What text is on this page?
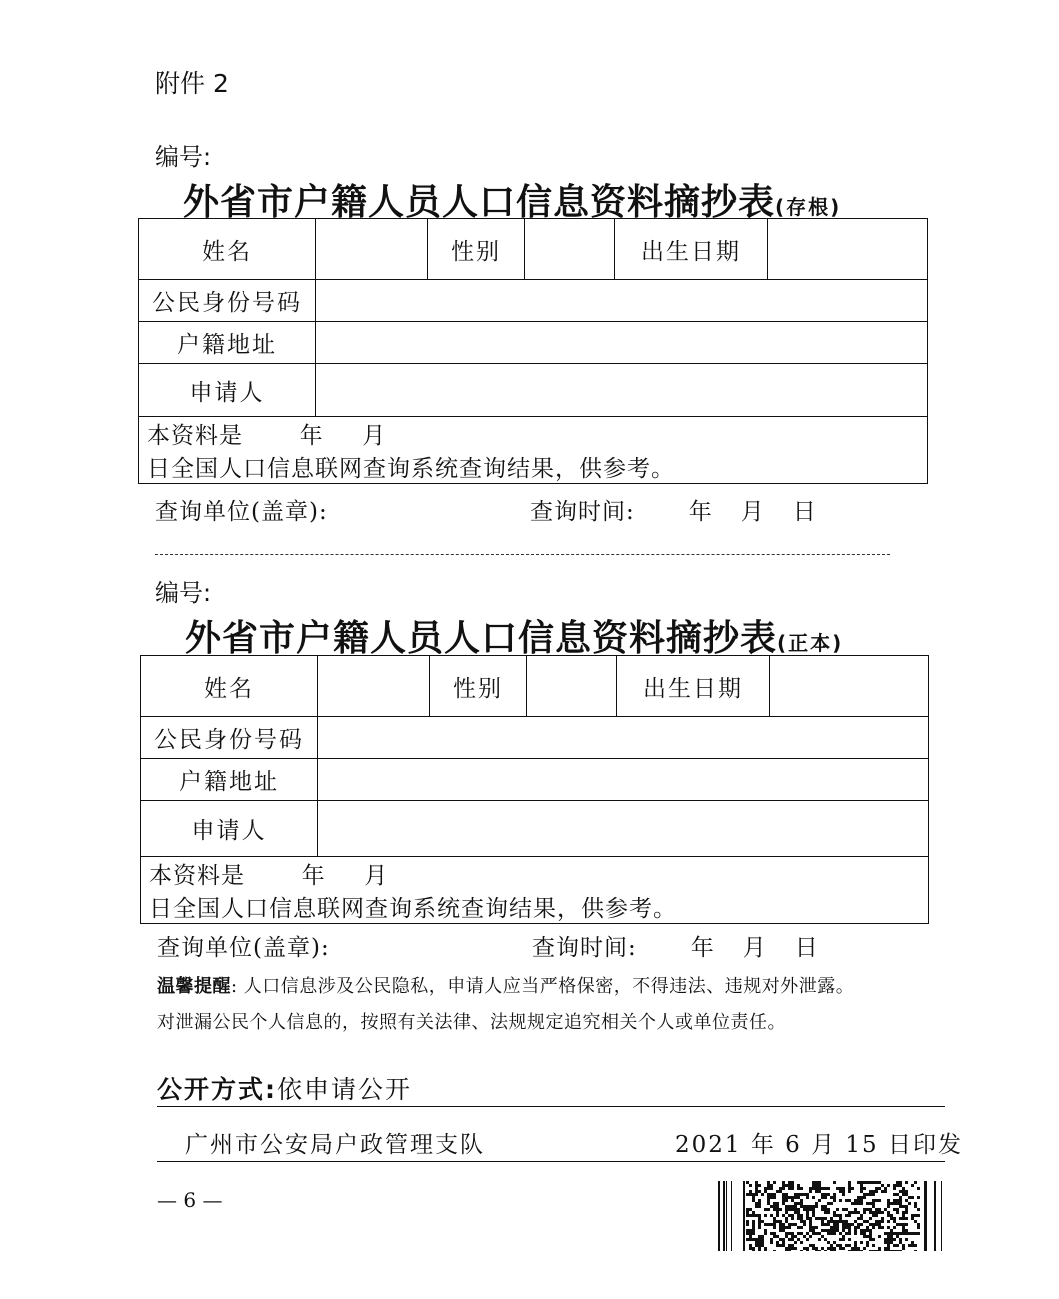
附件 2
编号:
外省市户籍人员人口信息资料摘抄表(存根)
姓名		性别		出生日期	
公民身份号码					
户籍地址					
申请人					
本资料是 年 月  日全国人口信息联网查询系统查询结果，供参考。					
查询单位(盖章):	查询时间: 年 月 日
编号:
外省市户籍人员人口信息资料摘抄表(正本)
姓名		性别		出生日期	
公民身份号码					
户籍地址					
申请人					
本资料是 年 月  日全国人口信息联网查询系统查询结果，供参考。					
查询单位(盖章):	查询时间: 年 月 日
温馨提醒: 人口信息涉及公民隐私，申请人应当严格保密，不得违法、违规对外泄露。
对泄漏公民个人信息的，按照有关法律、法规规定追究相关个人或单位责任。
公开方式:依申请公开
广州市公安局户政管理支队	2021 年 6 月 15 日印发
— 6 —
